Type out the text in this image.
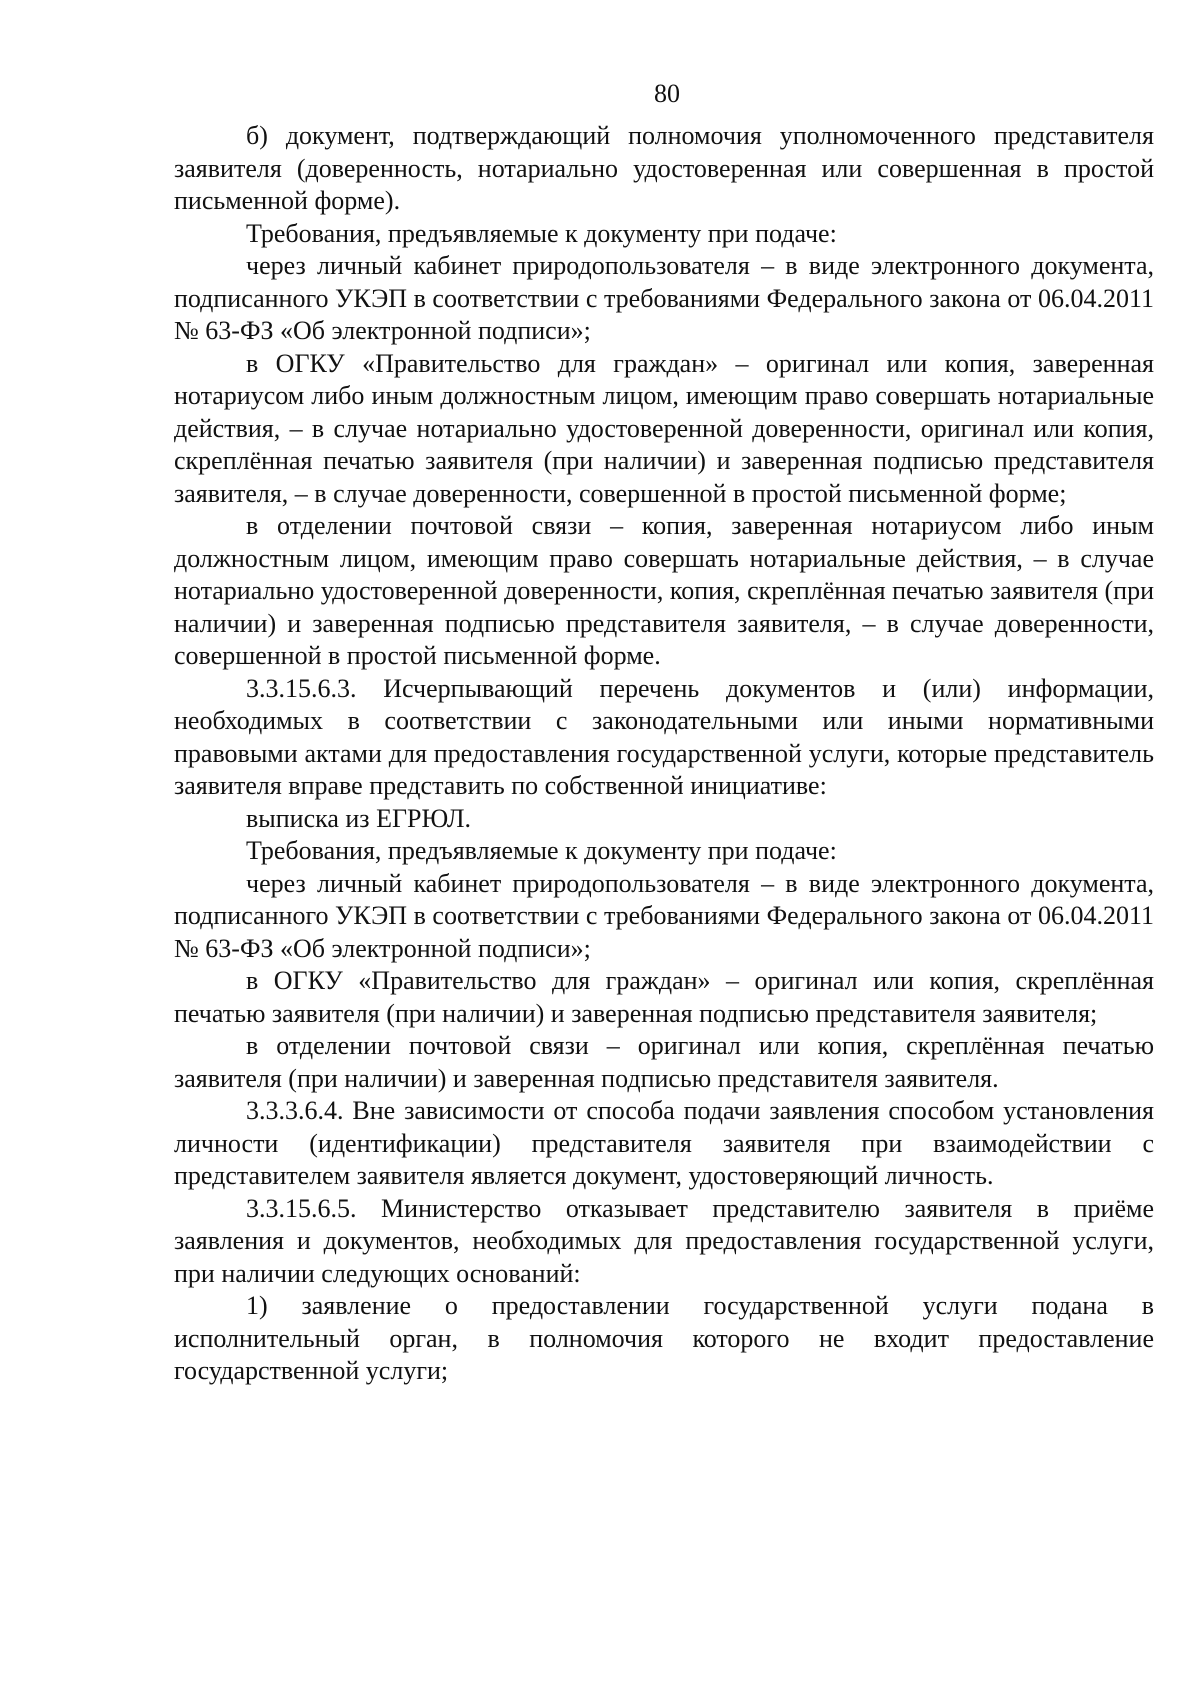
80

б) документ, подтверждающий полномочия уполномоченного представителя заявителя (доверенность, нотариально удостоверенная или совершенная в простой письменной форме).

Требования, предъявляемые к документу при подаче:

через личный кабинет природопользователя – в виде электронного документа, подписанного УКЭП в соответствии с требованиями Федерального закона от 06.04.2011 № 63-ФЗ «Об электронной подписи»;

в ОГКУ «Правительство для граждан» – оригинал или копия, заверенная нотариусом либо иным должностным лицом, имеющим право совершать нотариальные действия, – в случае нотариально удостоверенной доверенности, оригинал или копия, скреплённая печатью заявителя (при наличии) и заверенная подписью представителя заявителя, – в случае доверенности, совершенной в простой письменной форме;

в отделении почтовой связи – копия, заверенная нотариусом либо иным должностным лицом, имеющим право совершать нотариальные действия, – в случае нотариально удостоверенной доверенности, копия, скреплённая печатью заявителя (при наличии) и заверенная подписью представителя заявителя, – в случае доверенности, совершенной в простой письменной форме.

3.3.15.6.3. Исчерпывающий перечень документов и (или) информации, необходимых в соответствии с законодательными или иными нормативными правовыми актами для предоставления государственной услуги, которые представитель заявителя вправе представить по собственной инициативе:

выписка из ЕГРЮЛ.

Требования, предъявляемые к документу при подаче:

через личный кабинет природопользователя – в виде электронного документа, подписанного УКЭП в соответствии с требованиями Федерального закона от 06.04.2011 № 63-ФЗ «Об электронной подписи»;

в ОГКУ «Правительство для граждан» – оригинал или копия, скреплённая печатью заявителя (при наличии) и заверенная подписью представителя заявителя;

в отделении почтовой связи – оригинал или копия, скреплённая печатью заявителя (при наличии) и заверенная подписью представителя заявителя.

3.3.3.6.4. Вне зависимости от способа подачи заявления способом установления личности (идентификации) представителя заявителя при взаимодействии с представителем заявителя является документ, удостоверяющий личность.

3.3.15.6.5. Министерство отказывает представителю заявителя в приёме заявления и документов, необходимых для предоставления государственной услуги, при наличии следующих оснований:

1) заявление о предоставлении государственной услуги подана в исполнительный орган, в полномочия которого не входит предоставление государственной услуги;
